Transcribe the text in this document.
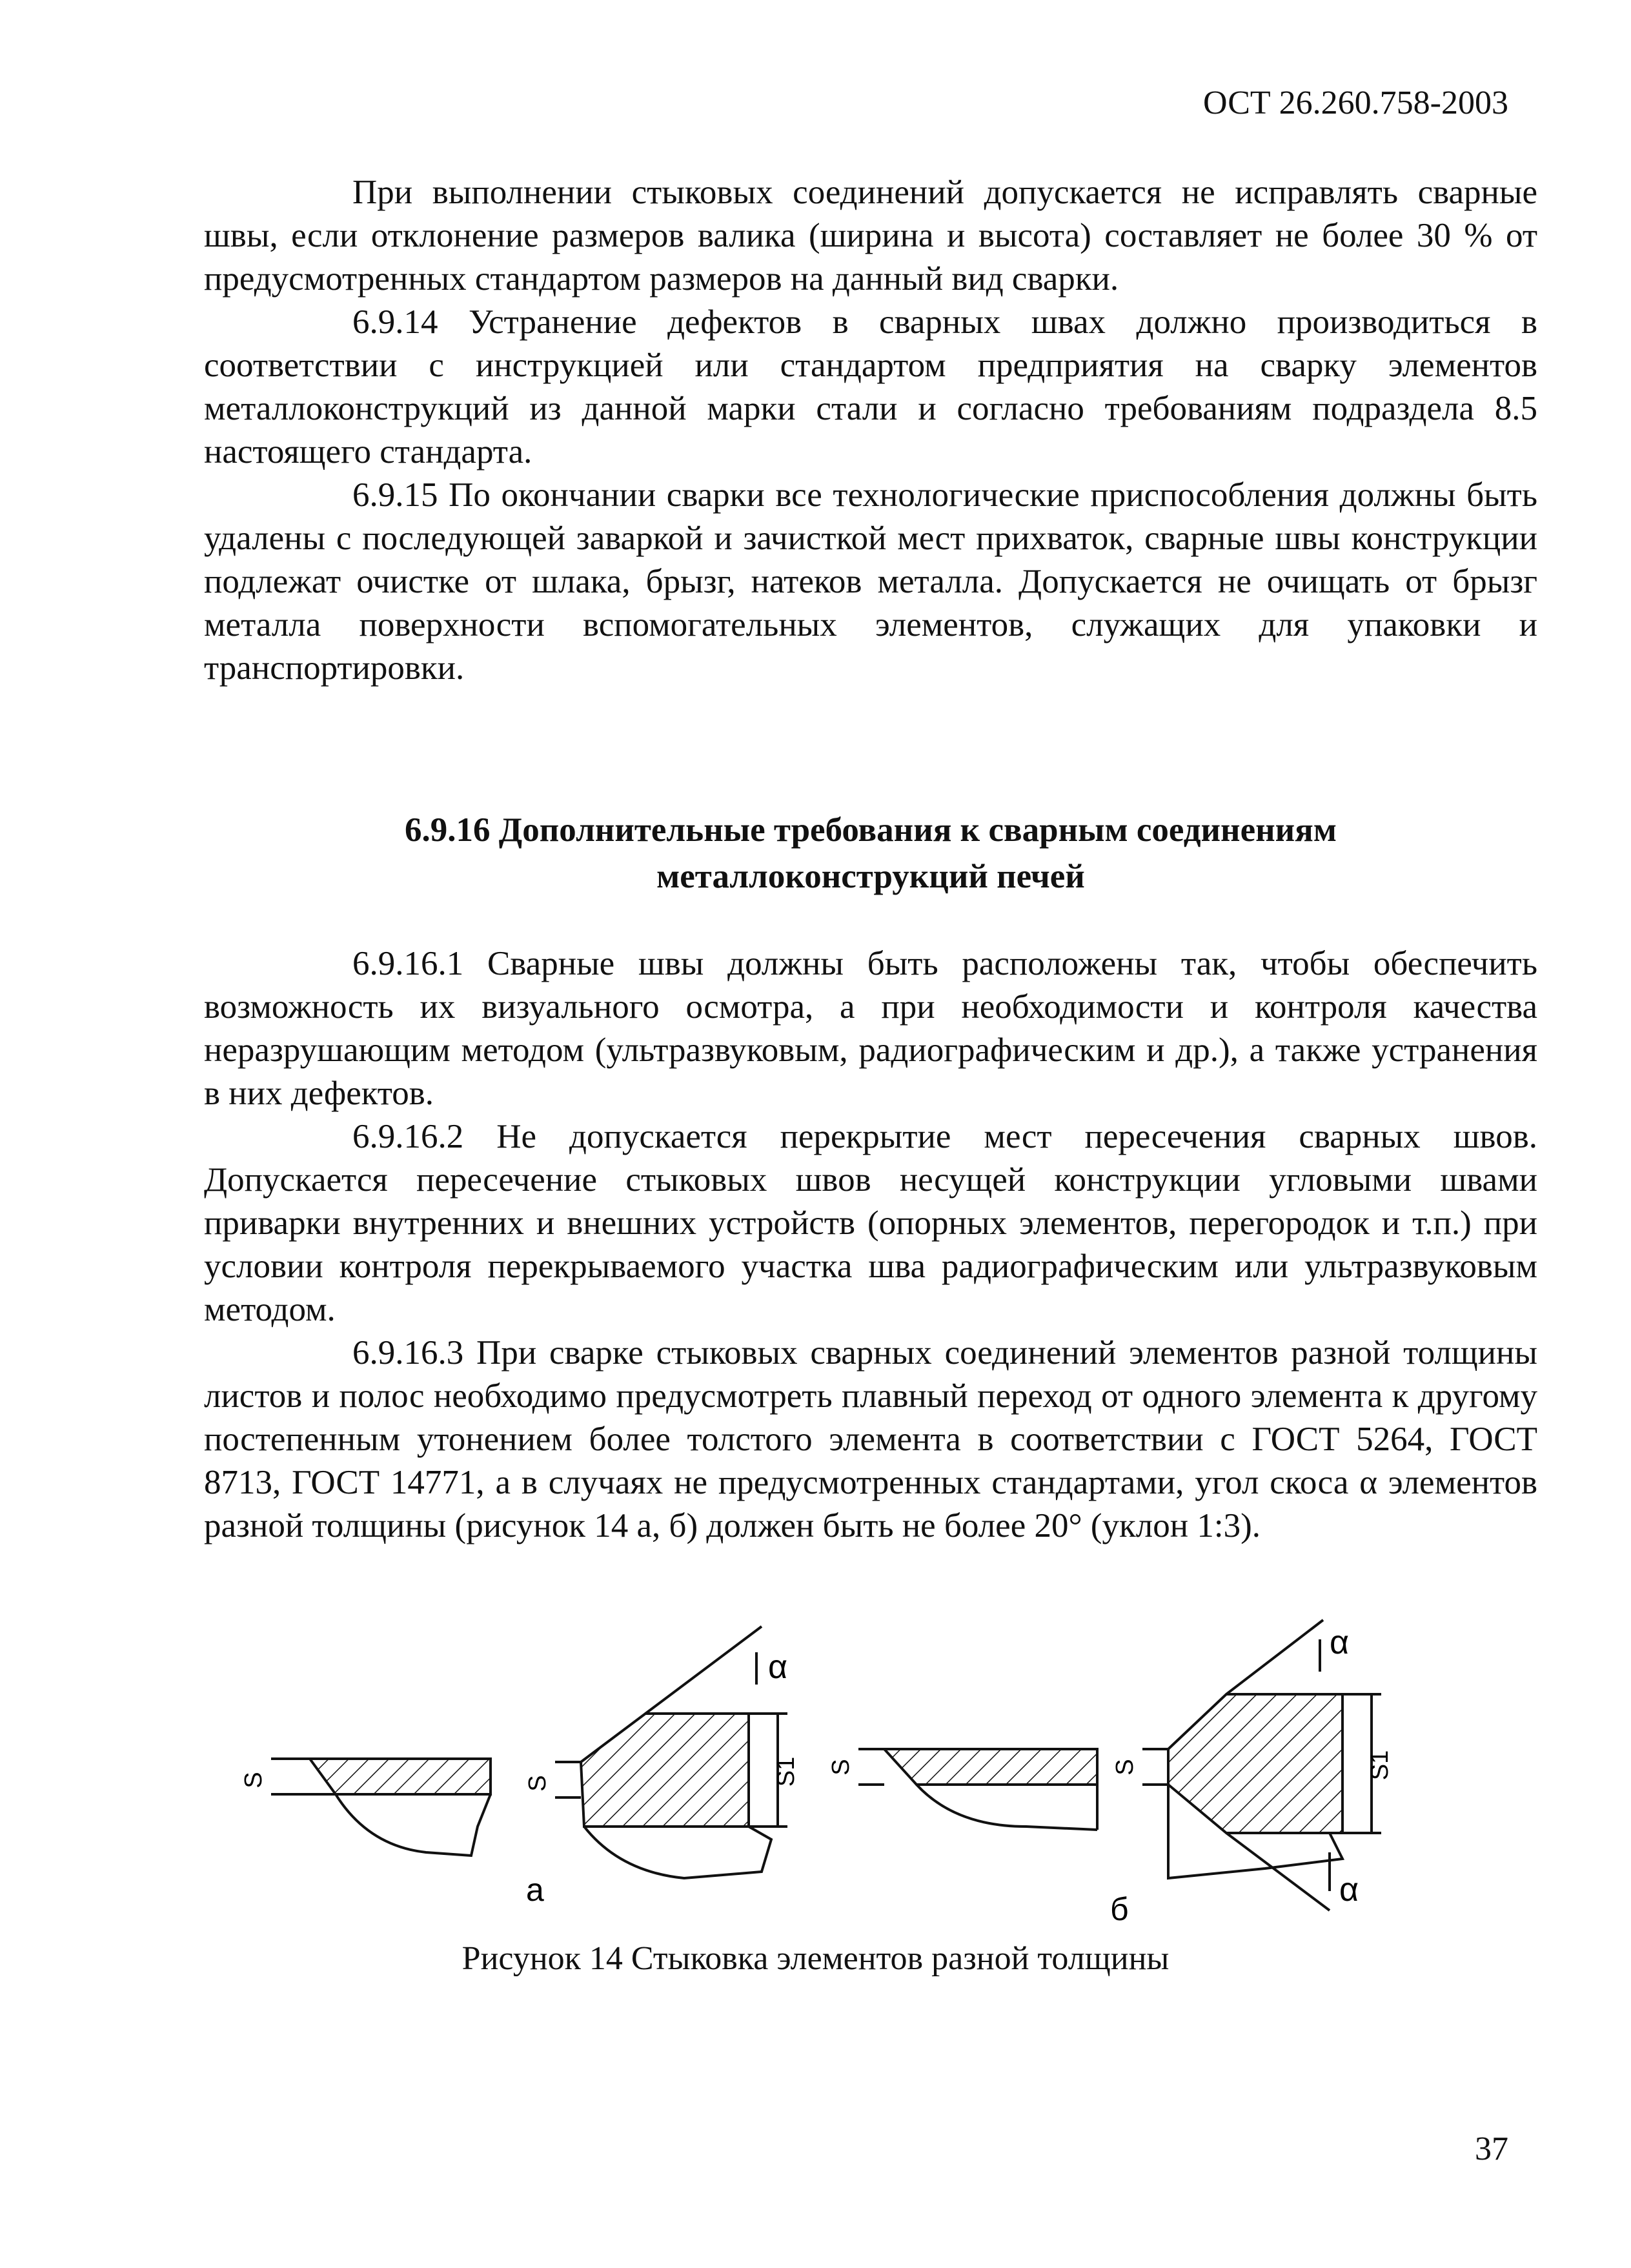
ОСТ 26.260.758-2003

При выполнении стыковых соединений допускается не исправлять сварные швы, если отклонение размеров валика (ширина и высота) составляет не более 30 % от предусмотренных стандартом размеров на данный вид сварки.

6.9.14 Устранение дефектов в сварных швах должно производиться в соответствии с инструкцией или стандартом предприятия на сварку элементов металлоконструкций из данной марки стали и согласно требованиям подраздела 8.5 настоящего стандарта.

6.9.15 По окончании сварки все технологические приспособления должны быть удалены с последующей заваркой и зачисткой мест прихваток, сварные швы конструкции подлежат очистке от шлака, брызг, натеков металла. Допускается не очищать от брызг металла поверхности вспомогательных элементов, служащих для упаковки и транспортировки.

6.9.16 Дополнительные требования к сварным соединениям
металлоконструкций печей

6.9.16.1 Сварные швы должны быть расположены так, чтобы обеспечить возможность их визуального осмотра, а при необходимости и контроля качества неразрушающим методом (ультразвуковым, радиографическим и др.), а также устранения в них дефектов.

6.9.16.2 Не допускается перекрытие мест пересечения сварных швов. Допускается пересечение стыковых швов несущей конструкции угловыми швами приварки внутренних и внешних устройств (опорных элементов, перегородок и т.п.) при условии контроля перекрываемого участка шва радиографическим или ультразвуковым методом.

6.9.16.3 При сварке стыковых сварных соединений элементов разной толщины листов и полос необходимо предусмотреть плавный переход от одного элемента к другому постепенным утонением более толстого элемента в соответствии с ГОСТ 5264, ГОСТ 8713, ГОСТ 14771, а в случаях не предусмотренных стандартами, угол скоса α элементов разной толщины (рисунок 14 а, б) должен быть не более 20° (уклон 1:3).

S	S	S1
α
S	S	S1
α
α
а
б
Рисунок 14 Стыковка элементов разной толщины
37
